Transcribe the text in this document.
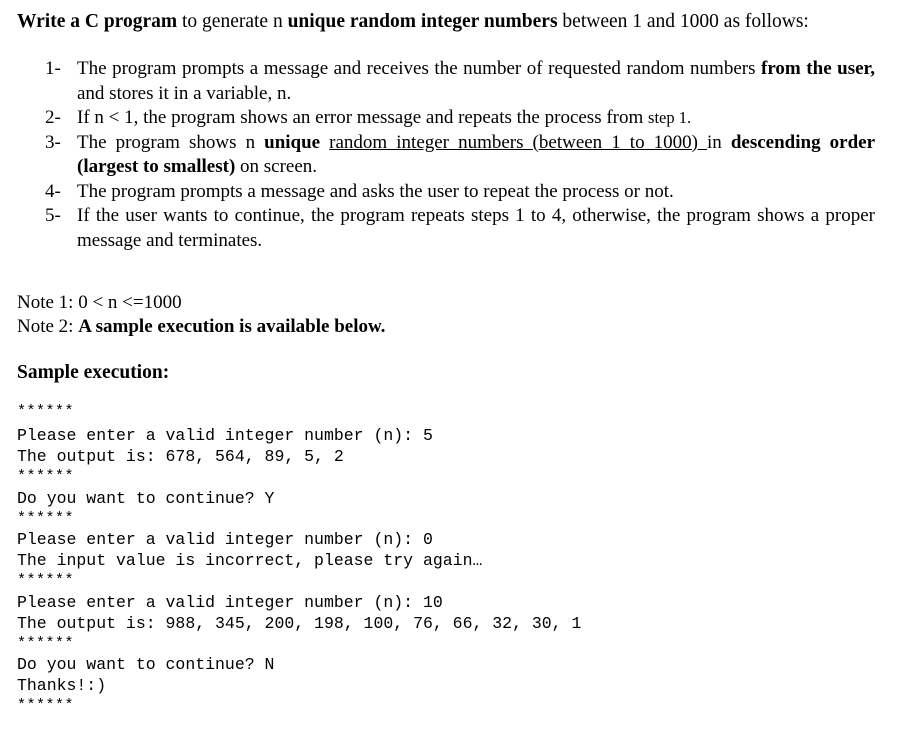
Write a C program to generate n unique random integer numbers between 1 and 1000 as follows:
1- The program prompts a message and receives the number of requested random numbers from the user, and stores it in a variable, n.
2- If n < 1, the program shows an error message and repeats the process from step 1.
3- The program shows n unique random integer numbers (between 1 to 1000) in descending order (largest to smallest) on screen.
4- The program prompts a message and asks the user to repeat the process or not.
5- If the user wants to continue, the program repeats steps 1 to 4, otherwise, the program shows a proper message and terminates.
Note 1: 0 < n <=1000
Note 2: A sample execution is available below.
Sample execution:
******
Please enter a valid integer number (n): 5
The output is: 678, 564, 89, 5, 2
******
Do you want to continue? Y
******
Please enter a valid integer number (n): 0
The input value is incorrect, please try again…
******
Please enter a valid integer number (n): 10
The output is: 988, 345, 200, 198, 100, 76, 66, 32, 30, 1
******
Do you want to continue? N
Thanks!:)
******
